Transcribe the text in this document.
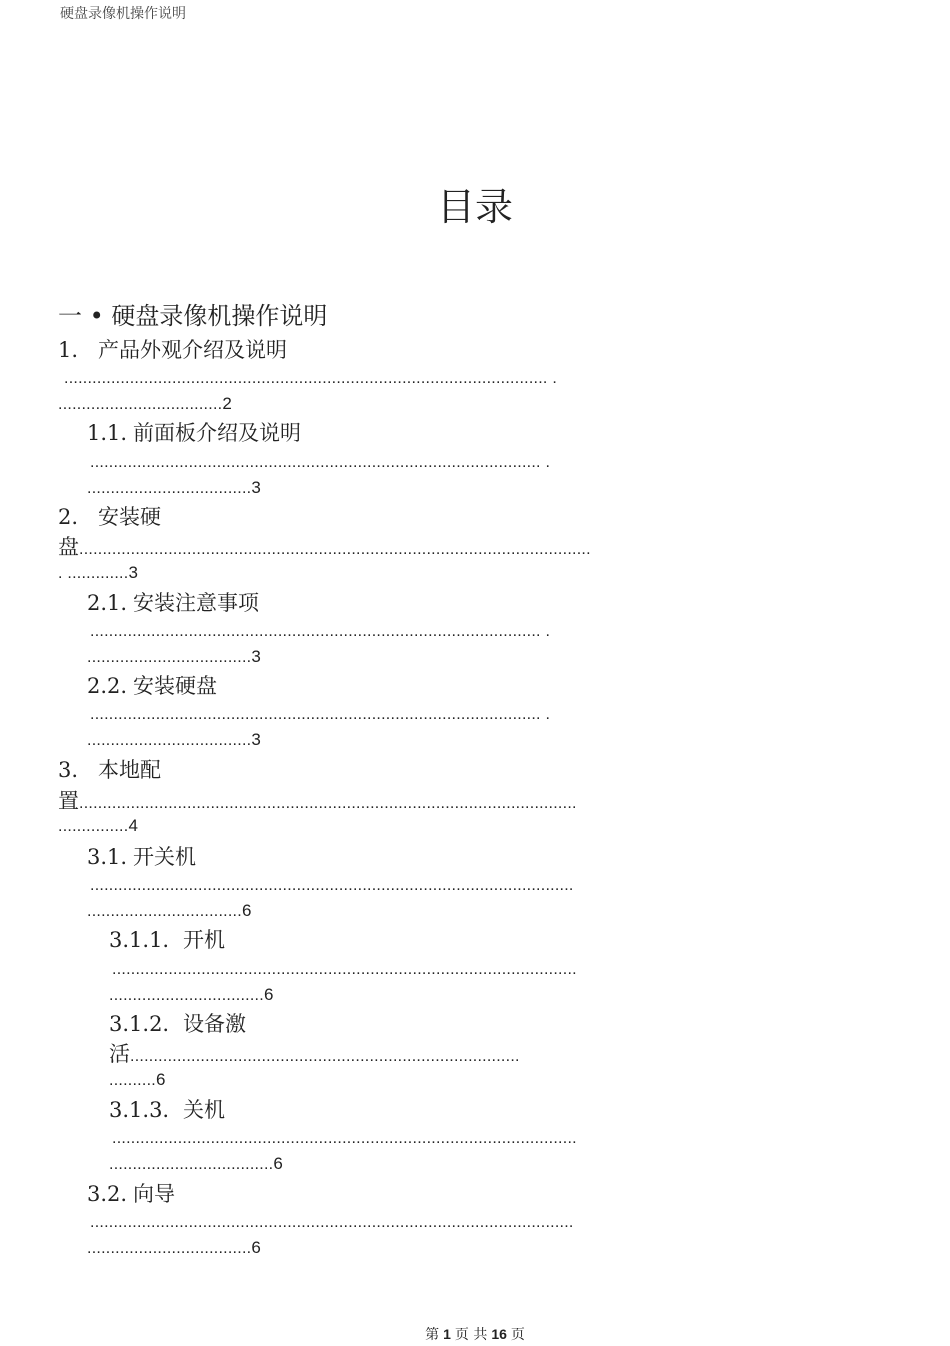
硬盘录像机操作说明
目录
一 • 硬盘录像机操作说明
1. 产品外观介绍及说明
....................................................................................................... .
...................................2
1.1. 前面板介绍及说明
................................................................................................ .
...................................3
2. 安装硬
盘.............................................................................................................
. .............3
2.1. 安装注意事项
................................................................................................ .
...................................3
2.2. 安装硬盘
................................................................................................ .
...................................3
3. 本地配
置..........................................................................................................
...............4
3.1. 开关机
.......................................................................................................
.................................6
3.1.1. 开机
...................................................................................................
.................................6
3.1.2. 设备激
活...................................................................................
..........6
3.1.3. 关机
...................................................................................................
...................................6
3.2. 向导
.......................................................................................................
...................................6
第 1 页 共 16 页
